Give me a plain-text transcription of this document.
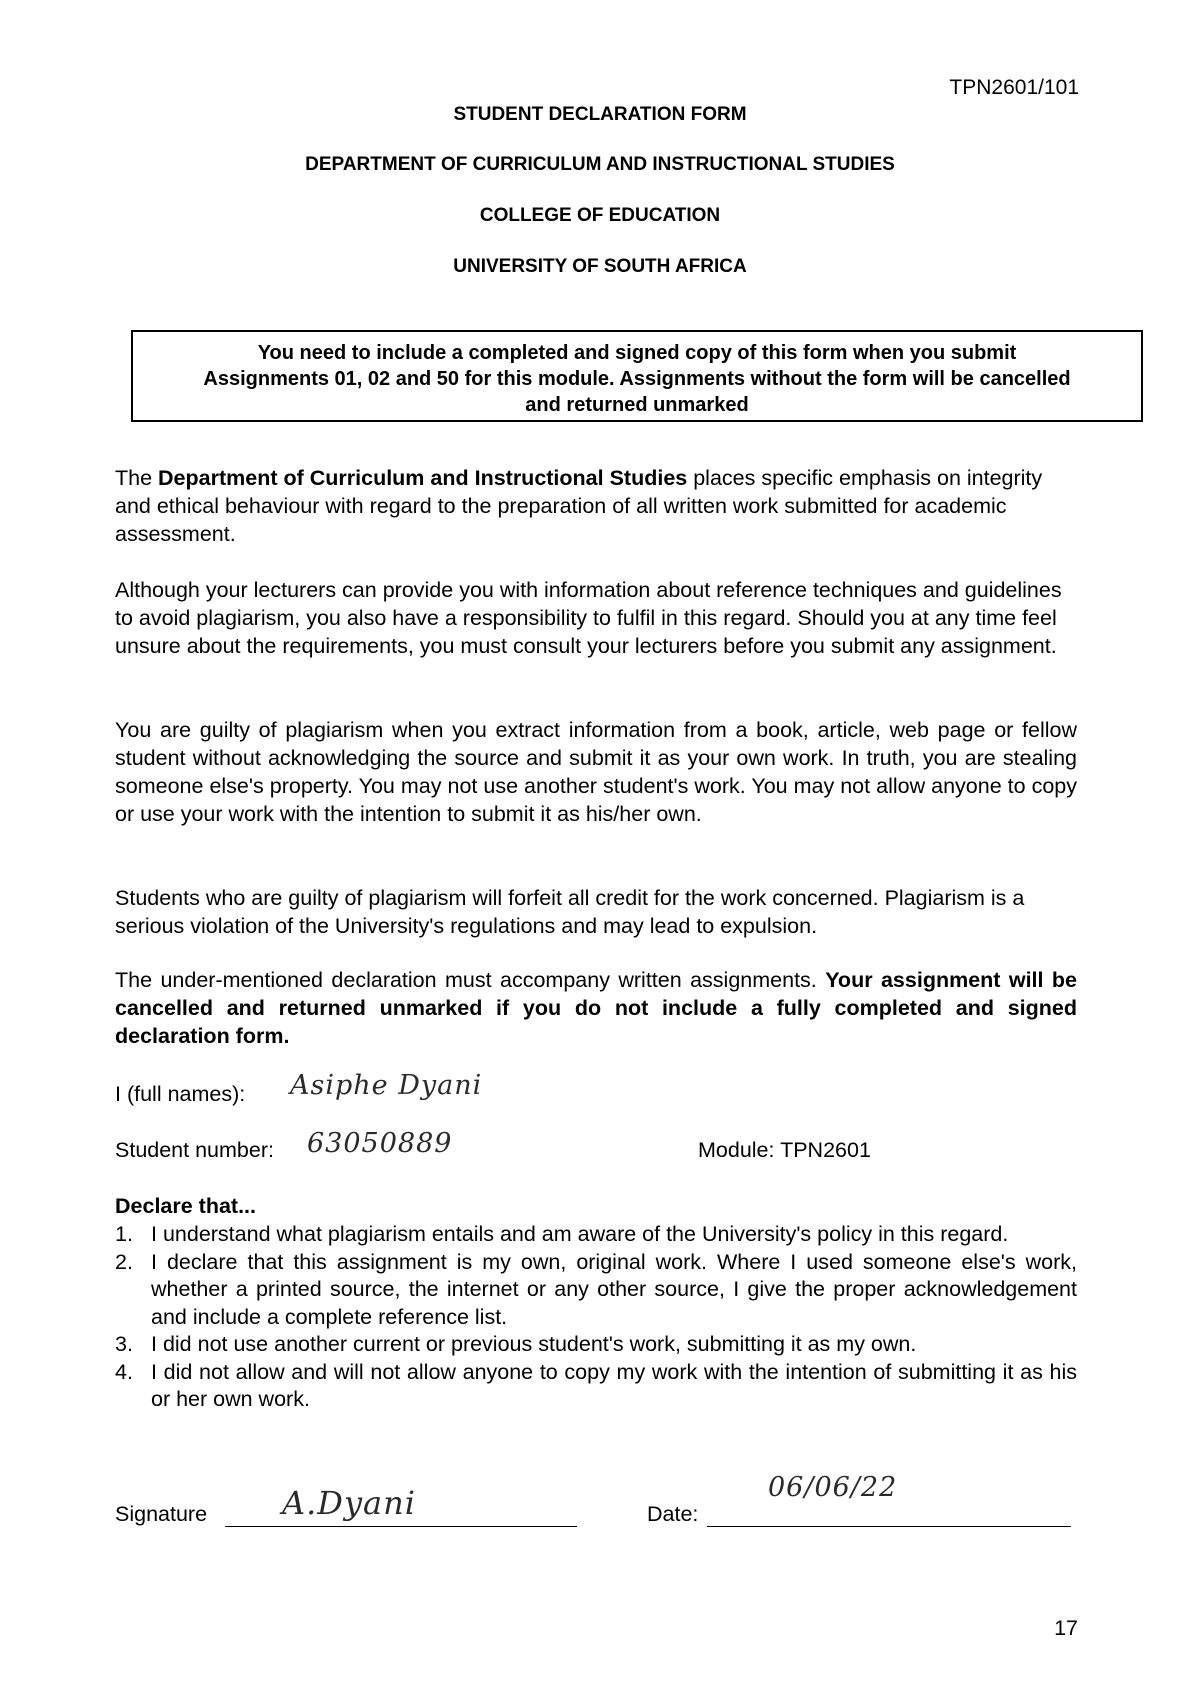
TPN2601/101
STUDENT DECLARATION FORM
DEPARTMENT OF CURRICULUM AND INSTRUCTIONAL STUDIES
COLLEGE OF EDUCATION
UNIVERSITY OF SOUTH AFRICA
You need to include a completed and signed copy of this form when you submit
Assignments 01, 02 and 50 for this module. Assignments without the form will be cancelled
and returned unmarked
The Department of Curriculum and Instructional Studies places specific emphasis on integrity and ethical behaviour with regard to the preparation of all written work submitted for academic assessment.
Although your lecturers can provide you with information about reference techniques and guidelines to avoid plagiarism, you also have a responsibility to fulfil in this regard. Should you at any time feel unsure about the requirements, you must consult your lecturers before you submit any assignment.
You are guilty of plagiarism when you extract information from a book, article, web page or fellow student without acknowledging the source and submit it as your own work. In truth, you are stealing someone else's property. You may not use another student's work. You may not allow anyone to copy or use your work with the intention to submit it as his/her own.
Students who are guilty of plagiarism will forfeit all credit for the work concerned. Plagiarism is a serious violation of the University's regulations and may lead to expulsion.
The under-mentioned declaration must accompany written assignments. Your assignment will be cancelled and returned unmarked if you do not include a fully completed and signed declaration form.
I (full names): Asiphe Dyani
Student number: 63050889	Module: TPN2601
Declare that...
1. I understand what plagiarism entails and am aware of the University's policy in this regard.
2. I declare that this assignment is my own, original work. Where I used someone else's work, whether a printed source, the internet or any other source, I give the proper acknowledgement and include a complete reference list.
3. I did not use another current or previous student's work, submitting it as my own.
4. I did not allow and will not allow anyone to copy my work with the intention of submitting it as his or her own work.
Signature A.Dyani	Date:
06/06/22
17
